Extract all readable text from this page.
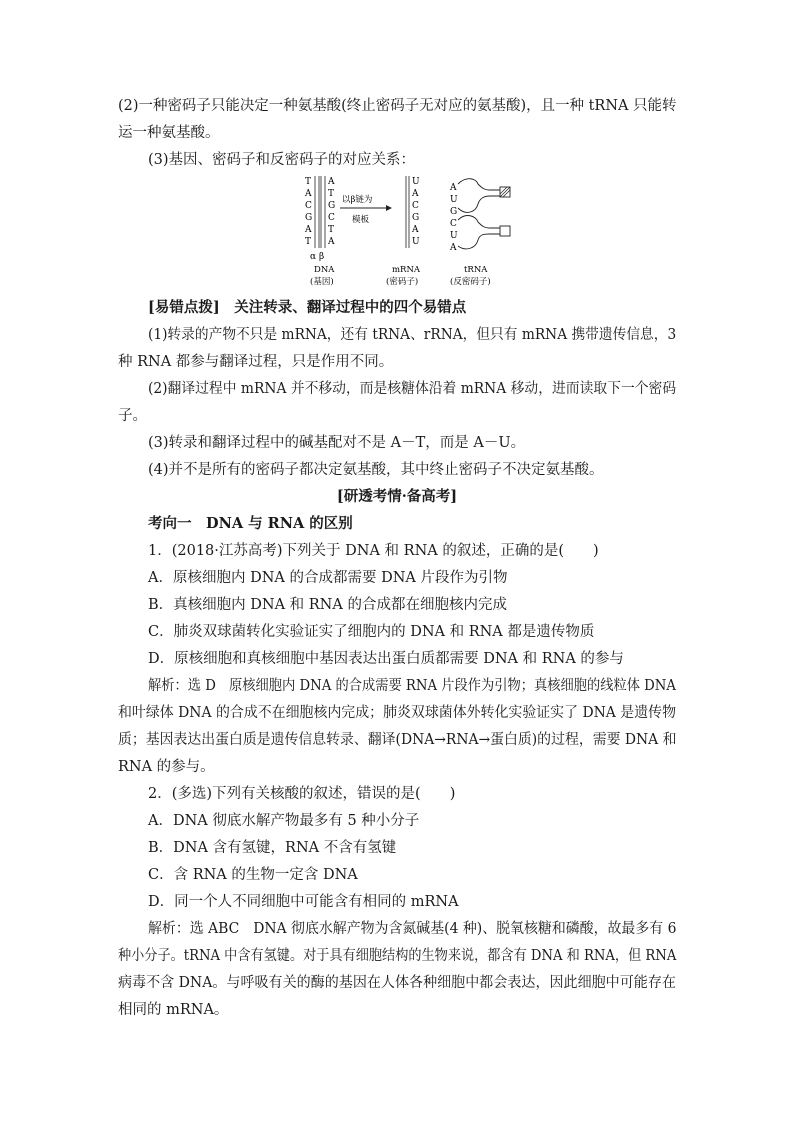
(2)一种密码子只能决定一种氨基酸(终止密码子无对应的氨基酸)，且一种 tRNA 只能转
运一种氨基酸。
(3)基因、密码子和反密码子的对应关系：
T
A
C
G
A
T
A
T
G
C
T
A
α β
以β链为
模板
U
A
C
G
A
U
A
U
G
C
U
A
DNA
(基因)
mRNA
(密码子)
tRNA
(反密码子)
[易错点拨]　关注转录、翻译过程中的四个易错点
(1)转录的产物不只是 mRNA，还有 tRNA、rRNA，但只有 mRNA 携带遗传信息，3
种 RNA 都参与翻译过程，只是作用不同。
(2)翻译过程中 mRNA 并不移动，而是核糖体沿着 mRNA 移动，进而读取下一个密码
子。
(3)转录和翻译过程中的碱基配对不是 A－T，而是 A－U。
(4)并不是所有的密码子都决定氨基酸，其中终止密码子不决定氨基酸。
[研透考情·备高考]
考向一　DNA 与 RNA 的区别
1．(2018·江苏高考)下列关于 DNA 和 RNA 的叙述，正确的是(　　)
A．原核细胞内 DNA 的合成都需要 DNA 片段作为引物
B．真核细胞内 DNA 和 RNA 的合成都在细胞核内完成
C．肺炎双球菌转化实验证实了细胞内的 DNA 和 RNA 都是遗传物质
D．原核细胞和真核细胞中基因表达出蛋白质都需要 DNA 和 RNA 的参与
解析：选 D　原核细胞内 DNA 的合成需要 RNA 片段作为引物；真核细胞的线粒体 DNA
和叶绿体 DNA 的合成不在细胞核内完成；肺炎双球菌体外转化实验证实了 DNA 是遗传物
质；基因表达出蛋白质是遗传信息转录、翻译(DNA→RNA→蛋白质)的过程，需要 DNA 和
RNA 的参与。
2．(多选)下列有关核酸的叙述，错误的是(　　)
A．DNA 彻底水解产物最多有 5 种小分子
B．DNA 含有氢键，RNA 不含有氢键
C．含 RNA 的生物一定含 DNA
D．同一个人不同细胞中可能含有相同的 mRNA
解析：选 ABC　DNA 彻底水解产物为含氮碱基(4 种)、脱氧核糖和磷酸，故最多有 6
种小分子。tRNA 中含有氢键。对于具有细胞结构的生物来说，都含有 DNA 和 RNA，但 RNA
病毒不含 DNA。与呼吸有关的酶的基因在人体各种细胞中都会表达，因此细胞中可能存在
相同的 mRNA。
